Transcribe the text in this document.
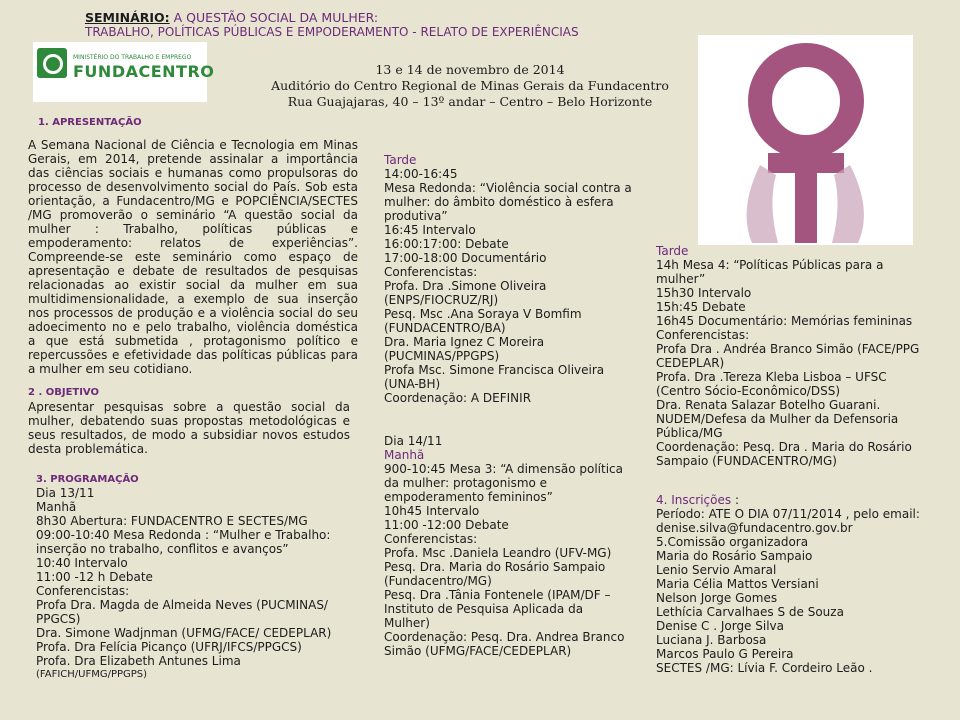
SEMINÁRIO: A QUESTÃO SOCIAL DA MULHER:
TRABALHO, POLÍTICAS PÚBLICAS E EMPODERAMENTO - RELATO DE EXPERIÊNCIAS
MINISTÉRIO DO TRABALHO E EMPREGO
FUNDACENTRO	13 e 14 de novembro de 2014
Auditório do Centro Regional de Minas Gerais da Fundacentro
Rua Guajajaras, 40 – 13º andar – Centro – Belo Horizonte
1. APRESENTAÇÃO
A Semana Nacional de Ciência e Tecnologia em Minas Gerais, em 2014, pretende assinalar a importância das ciências sociais e humanas como propulsoras do processo de desenvolvimento social do País. Sob esta orientação, a Fundacentro/MG e POPCIÊNCIA/SECTES /MG promoverão o seminário “A questão social da mulher : Trabalho, políticas públicas e empoderamento: relatos de experiências”. Compreende-se este seminário como espaço de apresentação e debate de resultados de pesquisas relacionadas ao existir social da mulher em sua multidimensionalidade, a exemplo de sua inserção nos processos de produção e a violência social do seu adoecimento no e pelo trabalho, violência doméstica a que está submetida , protagonismo político e repercussões e efetividade das políticas públicas para a mulher em seu cotidiano.
2 . OBJETIVO
Apresentar pesquisas sobre a questão social da mulher, debatendo suas propostas metodológicas e seus resultados, de modo a subsidiar novos estudos desta problemática.
3. PROGRAMAÇÃO
Dia 13/11
Manhã
8h30 Abertura: FUNDACENTRO E SECTES/MG
09:00-10:40 Mesa Redonda : “Mulher e Trabalho:
inserção no trabalho, conflitos e avanços”
10:40 Intervalo
11:00 -12 h Debate
Conferencistas:
Profa Dra. Magda de Almeida Neves (PUCMINAS/
PPGCS)
Dra. Simone Wadjnman (UFMG/FACE/ CEDEPLAR)
Profa. Dra Felícia Picanço (UFRJ/IFCS/PPGCS)
Profa. Dra Elizabeth Antunes Lima
(FAFICH/UFMG/PPGPS)
Tarde
14:00-16:45
Mesa Redonda: “Violência social contra a
mulher: do âmbito doméstico à esfera
produtiva”
16:45 Intervalo
16:00:17:00: Debate
17:00-18:00 Documentário
Conferencistas:
Profa. Dra .Simone Oliveira
(ENPS/FIOCRUZ/RJ)
Pesq. Msc .Ana Soraya V Bomfim
(FUNDACENTRO/BA)
Dra. Maria Ignez C Moreira
(PUCMINAS/PPGPS)
Profa Msc. Simone Francisca Oliveira
(UNA-BH)
Coordenação: A DEFINIR
Dia 14/11
Manhã
900-10:45 Mesa 3: “A dimensão política
da mulher: protagonismo e
empoderamento femininos”
10h45 Intervalo
11:00 -12:00 Debate
Conferencistas:
Profa. Msc .Daniela Leandro (UFV-MG)
Pesq. Dra. Maria do Rosário Sampaio
(Fundacentro/MG)
Pesq. Dra .Tânia Fontenele (IPAM/DF –
Instituto de Pesquisa Aplicada da
Mulher)
Coordenação: Pesq. Dra. Andrea Branco
Simão (UFMG/FACE/CEDEPLAR)
Tarde
14h Mesa 4: “Políticas Públicas para a
mulher”
15h30 Intervalo
15h:45 Debate
16h45 Documentário: Memórias femininas
Conferencistas:
Profa Dra . Andréa Branco Simão (FACE/PPG
CEDEPLAR)
Profa. Dra .Tereza Kleba Lisboa – UFSC
(Centro Sócio-Econômico/DSS)
Dra. Renata Salazar Botelho Guarani.
NUDEM/Defesa da Mulher da Defensoria
Pública/MG
Coordenação: Pesq. Dra . Maria do Rosário
Sampaio (FUNDACENTRO/MG)
4. Inscrições :
Período: ATE O DIA 07/11/2014 , pelo email:
denise.silva@fundacentro.gov.br
5.Comissão organizadora
Maria do Rosário Sampaio
Lenio Servio Amaral
Maria Célia Mattos Versiani
Nelson Jorge Gomes
Lethícia Carvalhaes S de Souza
Denise C . Jorge Silva
Luciana J. Barbosa
Marcos Paulo G Pereira
SECTES /MG: Lívia F. Cordeiro Leão .
